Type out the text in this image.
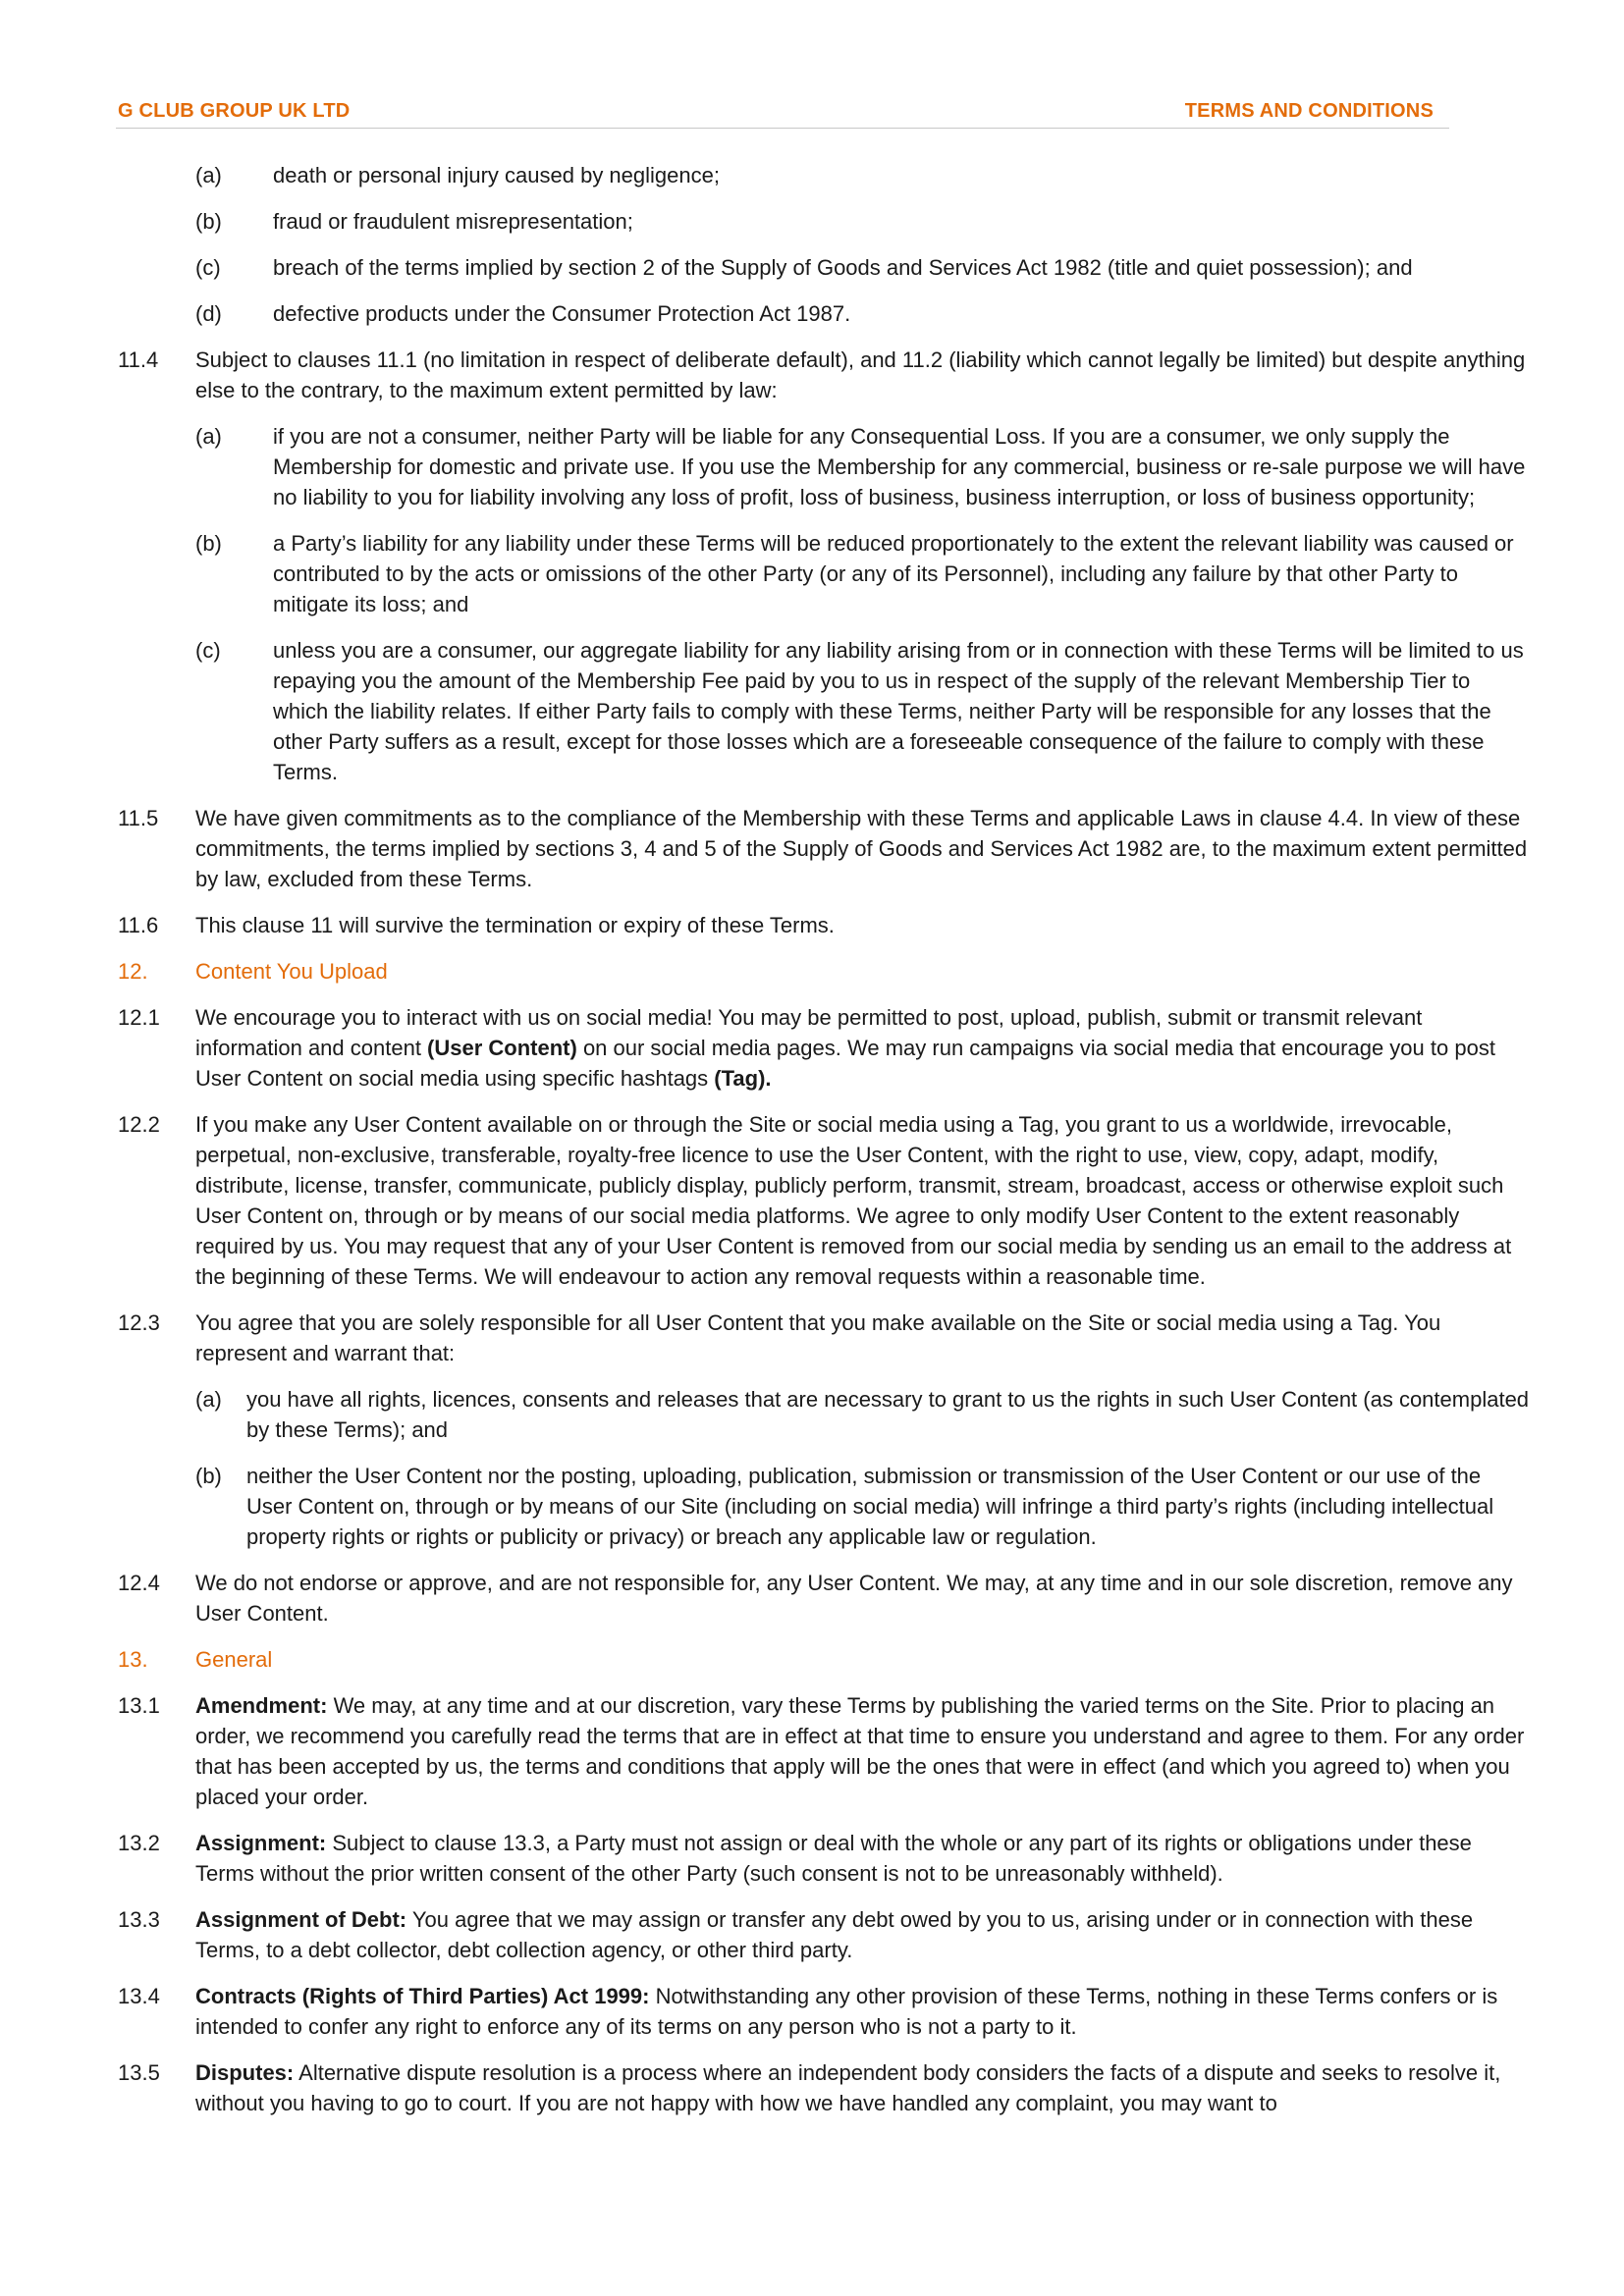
G CLUB GROUP UK LTD	TERMS AND CONDITIONS
(a) death or personal injury caused by negligence;
(b) fraud or fraudulent misrepresentation;
(c) breach of the terms implied by section 2 of the Supply of Goods and Services Act 1982 (title and quiet possession); and
(d) defective products under the Consumer Protection Act 1987.
11.4 Subject to clauses 11.1 (no limitation in respect of deliberate default), and 11.2 (liability which cannot legally be limited) but despite anything else to the contrary, to the maximum extent permitted by law:
(a) if you are not a consumer, neither Party will be liable for any Consequential Loss. If you are a consumer, we only supply the Membership for domestic and private use. If you use the Membership for any commercial, business or re-sale purpose we will have no liability to you for liability involving any loss of profit, loss of business, business interruption, or loss of business opportunity;
(b) a Party’s liability for any liability under these Terms will be reduced proportionately to the extent the relevant liability was caused or contributed to by the acts or omissions of the other Party (or any of its Personnel), including any failure by that other Party to mitigate its loss; and
(c) unless you are a consumer, our aggregate liability for any liability arising from or in connection with these Terms will be limited to us repaying you the amount of the Membership Fee paid by you to us in respect of the supply of the relevant Membership Tier to which the liability relates. If either Party fails to comply with these Terms, neither Party will be responsible for any losses that the other Party suffers as a result, except for those losses which are a foreseeable consequence of the failure to comply with these Terms.
11.5 We have given commitments as to the compliance of the Membership with these Terms and applicable Laws in clause 4.4. In view of these commitments, the terms implied by sections 3, 4 and 5 of the Supply of Goods and Services Act 1982 are, to the maximum extent permitted by law, excluded from these Terms.
11.6 This clause 11 will survive the termination or expiry of these Terms.
12. Content You Upload
12.1 We encourage you to interact with us on social media! You may be permitted to post, upload, publish, submit or transmit relevant information and content (User Content) on our social media pages. We may run campaigns via social media that encourage you to post User Content on social media using specific hashtags (Tag).
12.2 If you make any User Content available on or through the Site or social media using a Tag, you grant to us a worldwide, irrevocable, perpetual, non-exclusive, transferable, royalty-free licence to use the User Content, with the right to use, view, copy, adapt, modify, distribute, license, transfer, communicate, publicly display, publicly perform, transmit, stream, broadcast, access or otherwise exploit such User Content on, through or by means of our social media platforms. We agree to only modify User Content to the extent reasonably required by us. You may request that any of your User Content is removed from our social media by sending us an email to the address at the beginning of these Terms. We will endeavour to action any removal requests within a reasonable time.
12.3 You agree that you are solely responsible for all User Content that you make available on the Site or social media using a Tag. You represent and warrant that:
(a) you have all rights, licences, consents and releases that are necessary to grant to us the rights in such User Content (as contemplated by these Terms); and
(b) neither the User Content nor the posting, uploading, publication, submission or transmission of the User Content or our use of the User Content on, through or by means of our Site (including on social media) will infringe a third party’s rights (including intellectual property rights or rights or publicity or privacy) or breach any applicable law or regulation.
12.4 We do not endorse or approve, and are not responsible for, any User Content. We may, at any time and in our sole discretion, remove any User Content.
13. General
13.1 Amendment: We may, at any time and at our discretion, vary these Terms by publishing the varied terms on the Site. Prior to placing an order, we recommend you carefully read the terms that are in effect at that time to ensure you understand and agree to them. For any order that has been accepted by us, the terms and conditions that apply will be the ones that were in effect (and which you agreed to) when you placed your order.
13.2 Assignment: Subject to clause 13.3, a Party must not assign or deal with the whole or any part of its rights or obligations under these Terms without the prior written consent of the other Party (such consent is not to be unreasonably withheld).
13.3 Assignment of Debt: You agree that we may assign or transfer any debt owed by you to us, arising under or in connection with these Terms, to a debt collector, debt collection agency, or other third party.
13.4 Contracts (Rights of Third Parties) Act 1999: Notwithstanding any other provision of these Terms, nothing in these Terms confers or is intended to confer any right to enforce any of its terms on any person who is not a party to it.
13.5 Disputes: Alternative dispute resolution is a process where an independent body considers the facts of a dispute and seeks to resolve it, without you having to go to court. If you are not happy with how we have handled any complaint, you may want to
